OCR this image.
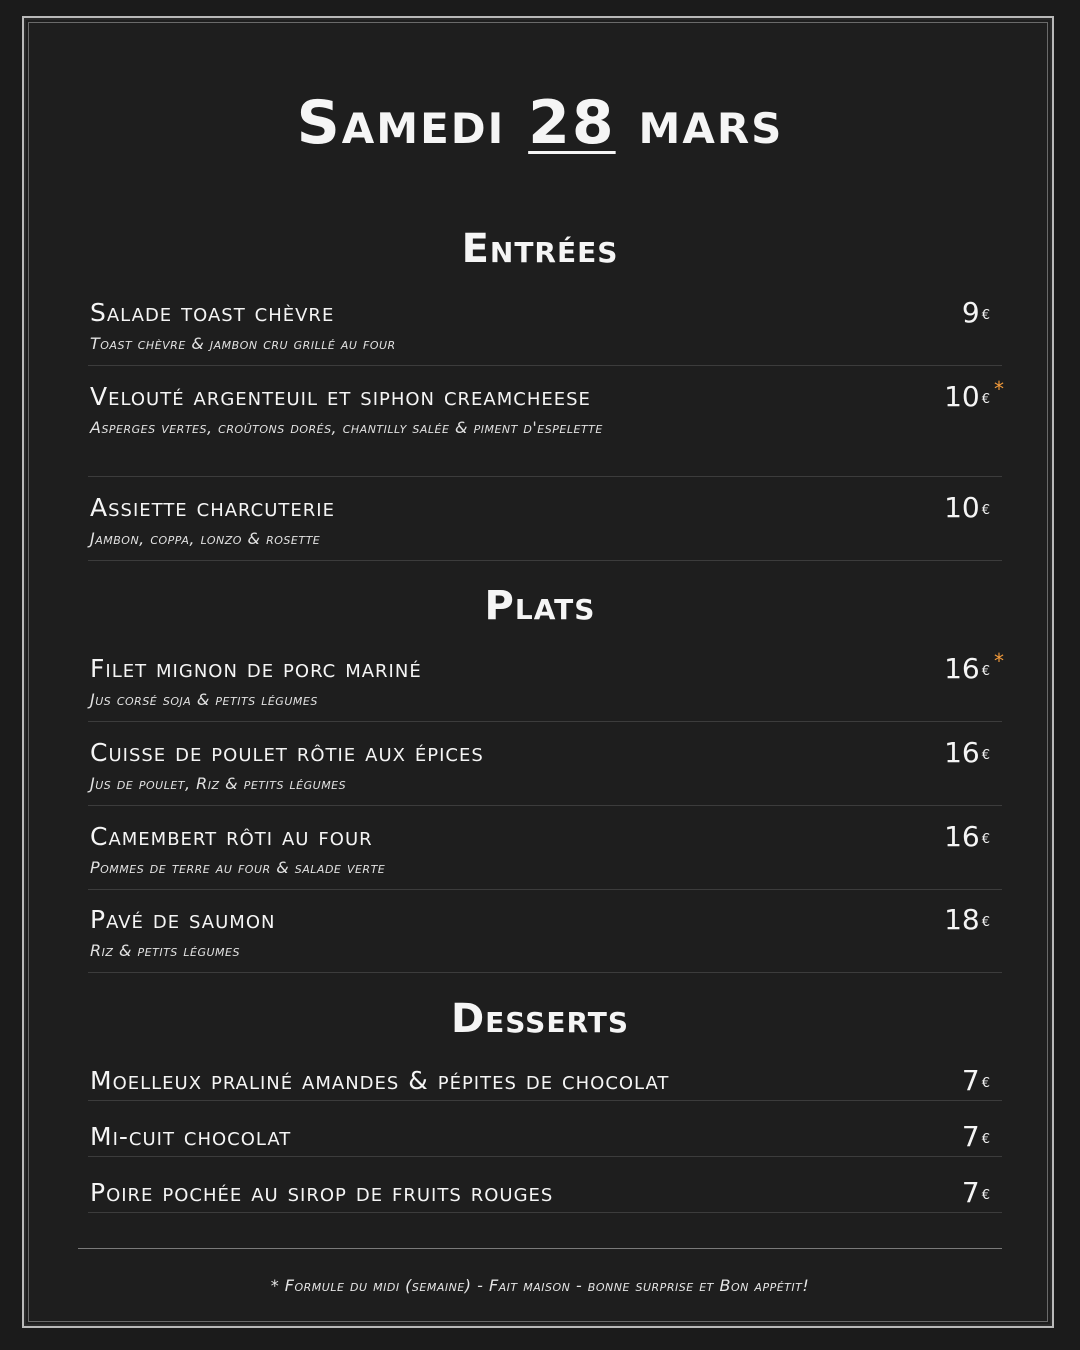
Samedi 28 mars
Entrées
Salade toast chèvre	9 €
Toast chèvre & jambon cru grillé au four
Velouté argenteuil et siphon creamcheese	10 € *
Asperges vertes, croûtons dorés, chantilly salée & piment d'espelette
Assiette charcuterie	10 €
Jambon, coppa, lonzo & rosette
Plats
Filet mignon de porc mariné	16 € *
Jus corsé soja & petits légumes
Cuisse de poulet rôtie aux épices	16 €
Jus de poulet, Riz & petits légumes
Camembert rôti au four	16 €
Pommes de terre au four & salade verte
Pavé de saumon	18 €
Riz & petits légumes
Desserts
Moelleux praliné amandes & pépites de chocolat	7 €
Mi-cuit chocolat	7 €
Poire pochée au sirop de fruits rouges	7 €
* Formule du midi (semaine) - Fait maison - bonne surprise et Bon appétit!
